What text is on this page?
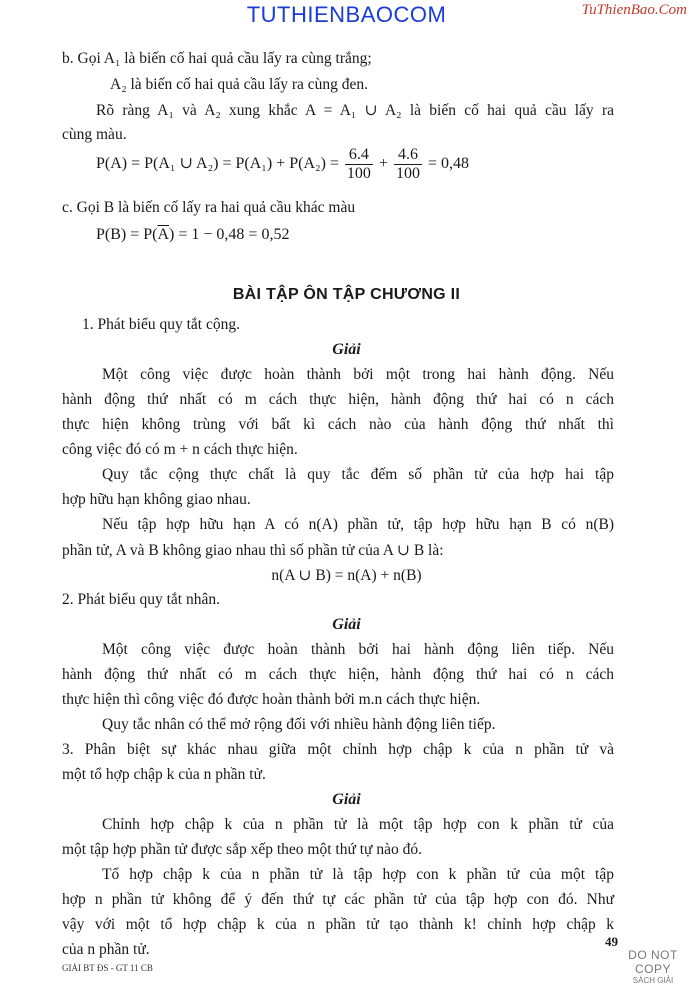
TUTHIENBAOCOM	TuThienBao.Com
b. Gọi A₁ là biến cố hai quả cầu lấy ra cùng trắng;
A₂ là biến cố hai quả cầu lấy ra cùng đen.
Rõ ràng A₁ và A₂ xung khắc A = A₁ ∪ A₂ là biến cố hai quả cầu lấy ra
cùng màu.
P(A) = P(A₁ ∪ $A_2) = P(A_1) + P(A_2) = \frac{6.4}{100} + \frac{4.6}{100} = 0,48$
c. Gọi B là biến cố lấy ra hai quả cầu khác màu
$P(B) = P(\overline{A}) = 1 - 0,48 = 0,52$
BÀI TẬP ÔN TẬP CHƯƠNG II
1. Phát biểu quy tắt cộng.
Giải
Một công việc được hoàn thành bởi một trong hai hành động. Nếu
hành động thứ nhất có m cách thực hiện, hành động thứ hai có n cách
thực hiện không trùng với bất kì cách nào của hành động thứ nhất thì
công việc đó có m + n cách thực hiện.
Quy tắc cộng thực chất là quy tắc đếm số phần tử của hợp hai tập
hợp hữu hạn không giao nhau.
Nếu tập hợp hữu hạn A có n(A) phần tử, tập hợp hữu hạn B có n(B)
phần tử, A và B không giao nhau thì số phần tử của A ∪ B là:
n(A ∪ B) = n(A) + n(B)
2. Phát biểu quy tắt nhân.
Giải
Một công việc được hoàn thành bởi hai hành động liên tiếp. Nếu
hành động thứ nhất có m cách thực hiện, hành động thứ hai có n cách
thực hiện thì công việc đó được hoàn thành bởi m.n cách thực hiện.
Quy tắc nhân có thể mở rộng đối với nhiều hành động liên tiếp.
3. Phân biệt sự khác nhau giữa một chỉnh hợp chập k của n phần tử và
một tổ hợp chập k của n phần tử.
Giải
Chỉnh hợp chập k của n phần tử là một tập hợp con k phần tử của
một tập hợp phần tử được sắp xếp theo một thứ tự nào đó.
Tổ hợp chập k của n phần tử là tập hợp con k phần tử của một tập
hợp n phần tử không để ý đến thứ tự các phần tử của tập hợp con đó. Như
vậy với một tổ hợp chập k của n phần tử tạo thành k! chỉnh hợp chập k
của n phần tử.
GIẢI BT ĐS - GT 11 CB
49
DO NOT COPY
SÁCH GIẢI
